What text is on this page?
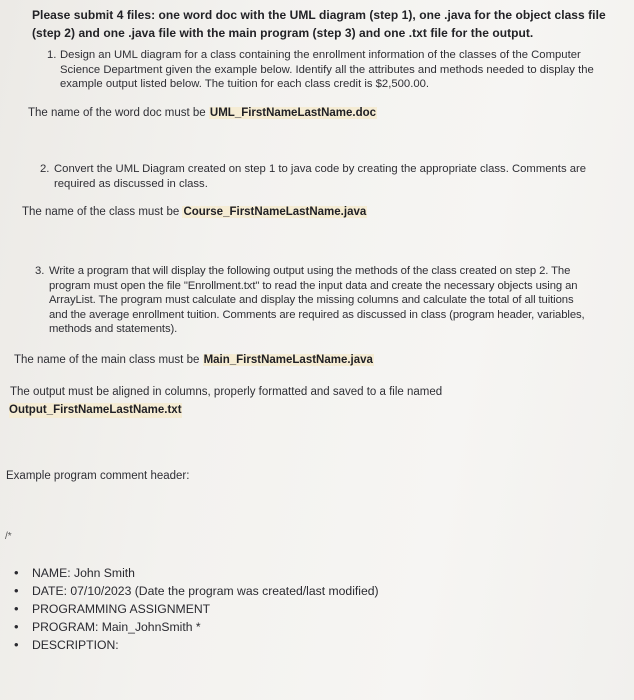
Please submit 4 files: one word doc with the UML diagram (step 1), one .java for the object class file
(step 2) and one .java file with the main program (step 3) and one .txt file for the output.
1. Design an UML diagram for a class containing the enrollment information of the classes of the Computer
Science Department given the example below. Identify all the attributes and methods needed to display the
example output listed below. The tuition for each class credit is $2,500.00.
The name of the word doc must be UML_FirstNameLastName.doc
2. Convert the UML Diagram created on step 1 to java code by creating the appropriate class. Comments are
required as discussed in class.
The name of the class must be Course_FirstNameLastName.java
3. Write a program that will display the following output using the methods of the class created on step 2. The
program must open the file "Enrollment.txt" to read the input data and create the necessary objects using an
ArrayList. The program must calculate and display the missing columns and calculate the total of all tuitions
and the average enrollment tuition. Comments are required as discussed in class (program header, variables,
methods and statements).
The name of the main class must be Main_FirstNameLastName.java
The output must be aligned in columns, properly formatted and saved to a file named
Output_FirstNameLastName.txt
Example program comment header:
/*
• NAME: John Smith
• DATE: 07/10/2023 (Date the program was created/last modified)
• PROGRAMMING ASSIGNMENT
• PROGRAM: Main_JohnSmith *
• DESCRIPTION:
